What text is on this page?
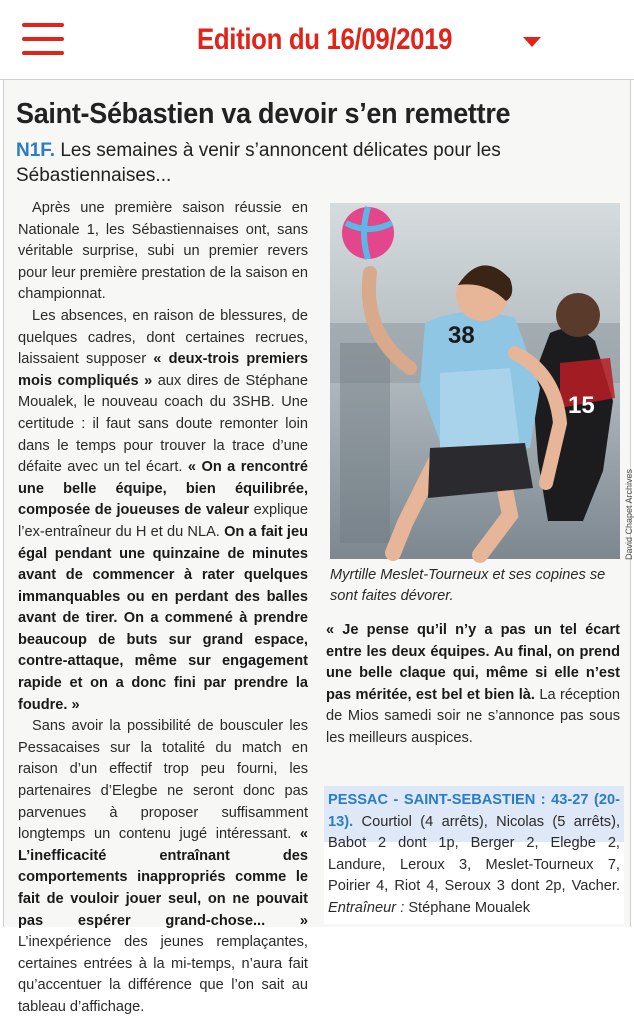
Edition du 16/09/2019
Saint-Sébastien va devoir s’en remettre
N1F. Les semaines à venir s’annoncent délicates pour les Sébastiennaises...

Après une première saison réussie en Nationale 1, les Sébastiennaises ont, sans véritable surprise, subi un premier revers pour leur première prestation de la saison en championnat.

Les absences, en raison de blessures, de quelques cadres, dont certaines recrues, laissaient supposer « deux-trois premiers mois compliqués » aux dires de Stéphane Moualek, le nouveau coach du 3SHB. Une certitude : il faut sans doute remonter loin dans le temps pour trouver la trace d’une défaite avec un tel écart. « On a rencontré une belle équipe, bien équilibrée, composée de joueuses de valeur explique l’ex-entraîneur du H et du NLA. On a fait jeu égal pendant une quinzaine de minutes avant de commencer à rater quelques immanquables ou en perdant des balles avant de tirer. On a commené à prendre beaucoup de buts sur grand espace, contre-attaque, même sur engagement rapide et on a donc fini par prendre la foudre. »

Sans avoir la possibilité de bousculer les Pessacaises sur la totalité du match en raison d’un effectif trop peu fourni, les partenaires d’Elegbe ne seront donc pas parvenues à proposer suffisamment longtemps un contenu jugé intéressant. « L’inefficacité entraînant des comportements inappropriés comme le fait de vouloir jouer seul, on ne pouvait pas espérer grand-chose... » L’inexpérience des jeunes remplaçantes, certaines entrées à la mi-temps, n’aura fait qu’accentuer la différence que l’on sait au tableau d’affichage.

15
38
David Chapet Archives
Myrtille Meslet-Tourneux et ses copines se sont faites dévorer.

« Je pense qu’il n’y a pas un tel écart entre les deux équipes. Au final, on prend une belle claque qui, même si elle n’est pas méritée, est bel et bien là. La réception de Mios samedi soir ne s’annonce pas sous les meilleurs auspices.

PESSAC - SAINT-SEBASTIEN : 43-27 (20-13). Courtiol (4 arrêts), Nicolas (5 arrêts), Babot 2 dont 1p, Berger 2, Elegbe 2, Landure, Leroux 3, Meslet-Tourneux 7, Poirier 4, Riot 4, Seroux 3 dont 2p, Vacher. Entraîneur : Stéphane Moualek
